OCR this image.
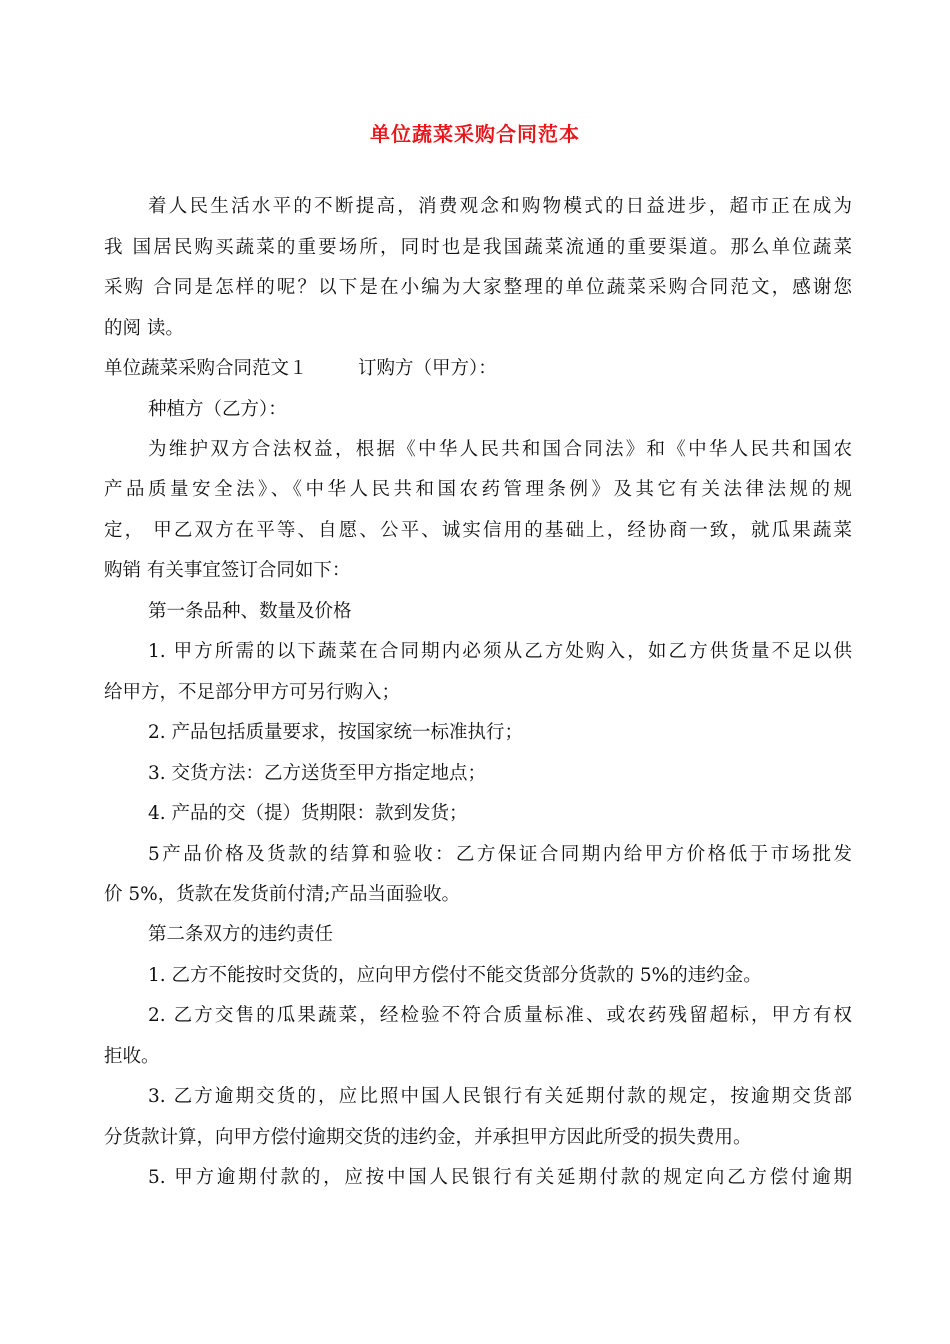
单位蔬菜采购合同范本
着人民生活水平的不断提高，消费观念和购物模式的日益进步，超市正在成为
我 国居民购买蔬菜的重要场所，同时也是我国蔬菜流通的重要渠道。那么单位蔬菜
采购 合同是怎样的呢？以下是在小编为大家整理的单位蔬菜采购合同范文，感谢您
的阅 读。
单位蔬菜采购合同范文１	订购方（甲方）：
种植方（乙方）：
为维护双方合法权益，根据《中华人民共和国合同法》和《中华人民共和国农
产品质量安全法》、《中华人民共和国农药管理条例》及其它有关法律法规的规
定， 甲乙双方在平等、自愿、公平、诚实信用的基础上，经协商一致，就瓜果蔬菜
购销 有关事宜签订合同如下：
第一条品种、数量及价格
1. 甲方所需的以下蔬菜在合同期内必须从乙方处购入，如乙方供货量不足以供
给甲方，不足部分甲方可另行购入；
2. 产品包括质量要求，按国家统一标准执行；
3. 交货方法：乙方送货至甲方指定地点；
4. 产品的交（提）货期限：款到发货；
5产品价格及货款的结算和验收：乙方保证合同期内给甲方价格低于市场批发
价 5%，货款在发货前付清;产品当面验收。
第二条双方的违约责任
1. 乙方不能按时交货的，应向甲方偿付不能交货部分货款的 5%的违约金。
2. 乙方交售的瓜果蔬菜，经检验不符合质量标准、或农药残留超标，甲方有权
拒收。
3. 乙方逾期交货的，应比照中国人民银行有关延期付款的规定，按逾期交货部
分货款计算，向甲方偿付逾期交货的违约金，并承担甲方因此所受的损失费用。
5. 甲方逾期付款的，应按中国人民银行有关延期付款的规定向乙方偿付逾期
